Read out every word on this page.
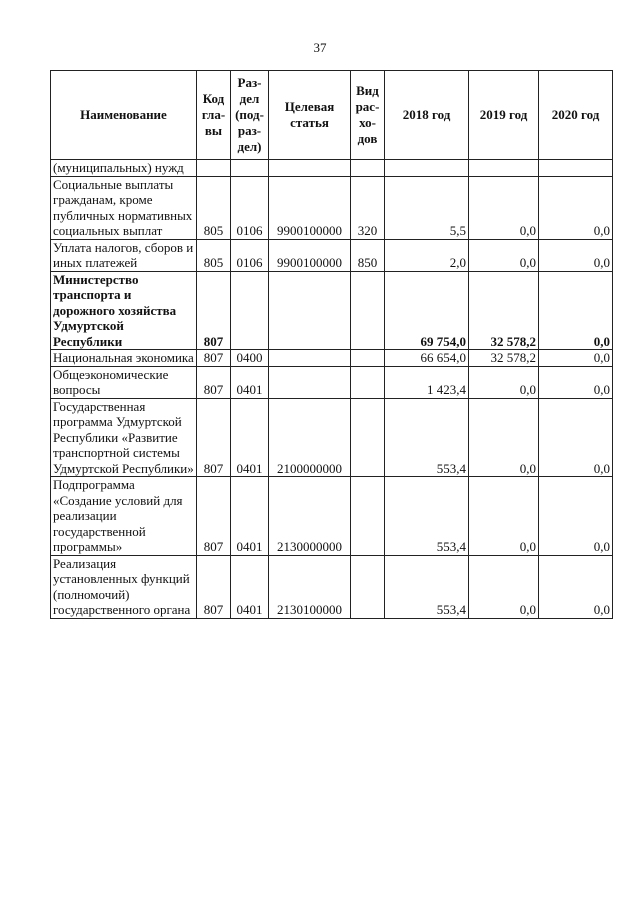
37
Наименование	Код гла-вы	Раз-дел (под-раз-дел)	Целевая статья	Вид рас-хо-дов	2018 год	2019 год	2020 год
(муниципальных) нужд							
Социальные выплаты гражданам, кроме публичных нормативных социальных выплат	805	0106	9900100000	320	5,5	0,0	0,0
Уплата налогов, сборов и иных платежей	805	0106	9900100000	850	2,0	0,0	0,0
Министерство транспорта и дорожного хозяйства Удмуртской Республики	807				69 754,0	32 578,2	0,0
Национальная экономика	807	0400			66 654,0	32 578,2	0,0
Общеэкономические вопросы	807	0401			1 423,4	0,0	0,0
Государственная программа Удмуртской Республики «Развитие транспортной системы Удмуртской Республики»	807	0401	2100000000		553,4	0,0	0,0
Подпрограмма «Создание условий для реализации государственной программы»	807	0401	2130000000		553,4	0,0	0,0
Реализация установленных функций (полномочий) государственного органа	807	0401	2130100000		553,4	0,0	0,0
